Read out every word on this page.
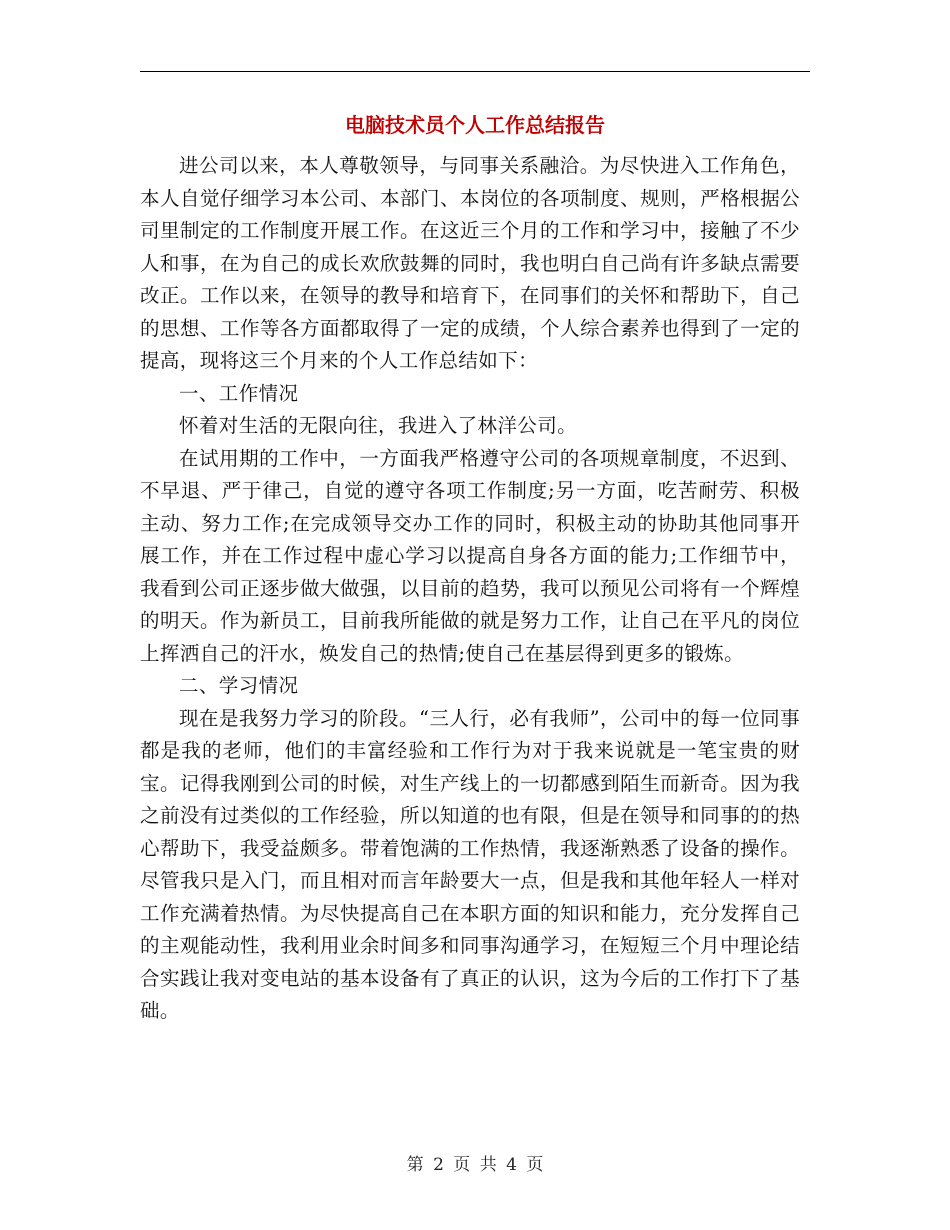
电脑技术员个人工作总结报告

进公司以来，本人尊敬领导，与同事关系融洽。为尽快进入工作角色，本人自觉仔细学习本公司、本部门、本岗位的各项制度、规则，严格根据公司里制定的工作制度开展工作。在这近三个月的工作和学习中，接触了不少人和事，在为自己的成长欢欣鼓舞的同时，我也明白自己尚有许多缺点需要改正。工作以来，在领导的教导和培育下，在同事们的关怀和帮助下，自己的思想、工作等各方面都取得了一定的成绩，个人综合素养也得到了一定的提高，现将这三个月来的个人工作总结如下：

一、工作情况

怀着对生活的无限向往，我进入了林洋公司。

在试用期的工作中，一方面我严格遵守公司的各项规章制度，不迟到、不早退、严于律己，自觉的遵守各项工作制度;另一方面，吃苦耐劳、积极主动、努力工作;在完成领导交办工作的同时，积极主动的协助其他同事开展工作，并在工作过程中虚心学习以提高自身各方面的能力;工作细节中，我看到公司正逐步做大做强，以目前的趋势，我可以预见公司将有一个辉煌的明天。作为新员工，目前我所能做的就是努力工作，让自己在平凡的岗位上挥洒自己的汗水，焕发自己的热情;使自己在基层得到更多的锻炼。

二、学习情况

现在是我努力学习的阶段。“三人行，必有我师”，公司中的每一位同事都是我的老师，他们的丰富经验和工作行为对于我来说就是一笔宝贵的财宝。记得我刚到公司的时候，对生产线上的一切都感到陌生而新奇。因为我之前没有过类似的工作经验，所以知道的也有限，但是在领导和同事的的热心帮助下，我受益颇多。带着饱满的工作热情，我逐渐熟悉了设备的操作。尽管我只是入门，而且相对而言年龄要大一点，但是我和其他年轻人一样对工作充满着热情。为尽快提高自己在本职方面的知识和能力，充分发挥自己的主观能动性，我利用业余时间多和同事沟通学习，在短短三个月中理论结合实践让我对变电站的基本设备有了真正的认识，这为今后的工作打下了基础。

第 2 页 共 4 页
